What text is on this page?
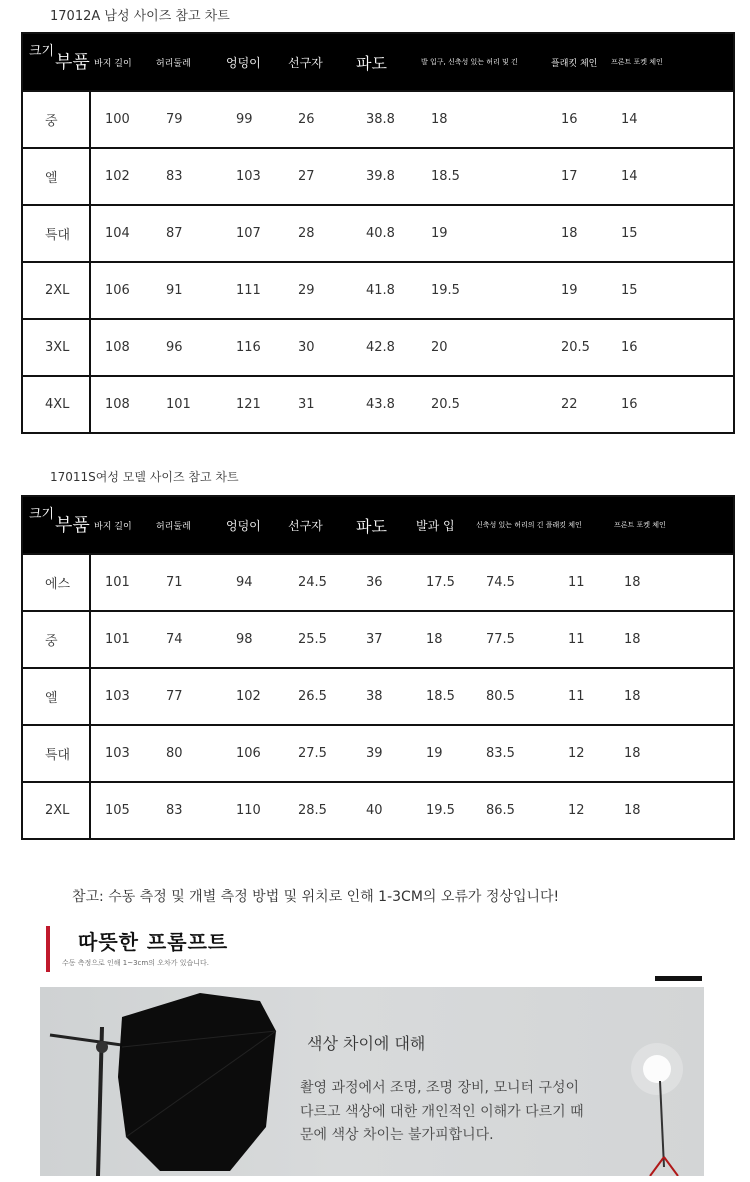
17012A 남성 사이즈 참고 차트
크기
부품	바지 길이	허리둘레	엉덩이	선구자	파도	발 입구, 신축성 있는 허리 및 긴	플래킷 체인	프론트 포켓 체인	
중	100	79	99	26	38.8	18	16	14	
엘	102	83	103	27	39.8	18.5	17	14	
특대	104	87	107	28	40.8	19	18	15	
2XL	106	91	111	29	41.8	19.5	19	15	
3XL	108	96	116	30	42.8	20	20.5	16	
4XL	108	101	121	31	43.8	20.5	22	16	
17011S여성 모델 사이즈 참고 차트
크기
부품	바지 길이	허리둘레	엉덩이	선구자	파도	발과 입	신축성 있는 허리의 긴 플래킷 체인		프론트 포켓 체인
에스	101	71	94	24.5	36	17.5	74.5	11	18
중	101	74	98	25.5	37	18	77.5	11	18
엘	103	77	102	26.5	38	18.5	80.5	11	18
특대	103	80	106	27.5	39	19	83.5	12	18
2XL	105	83	110	28.5	40	19.5	86.5	12	18
참고: 수동 측정 및 개별 측정 방법 및 위치로 인해 1-3CM의 오류가 정상입니다!
따뜻한 프롬프트
수동 측정으로 인해 1~3cm의 오차가 있습니다.
색상 차이에 대해
촬영 과정에서 조명, 조명 장비, 모니터 구성이
다르고 색상에 대한 개인적인 이해가 다르기 때
문에 색상 차이는 불가피합니다.
